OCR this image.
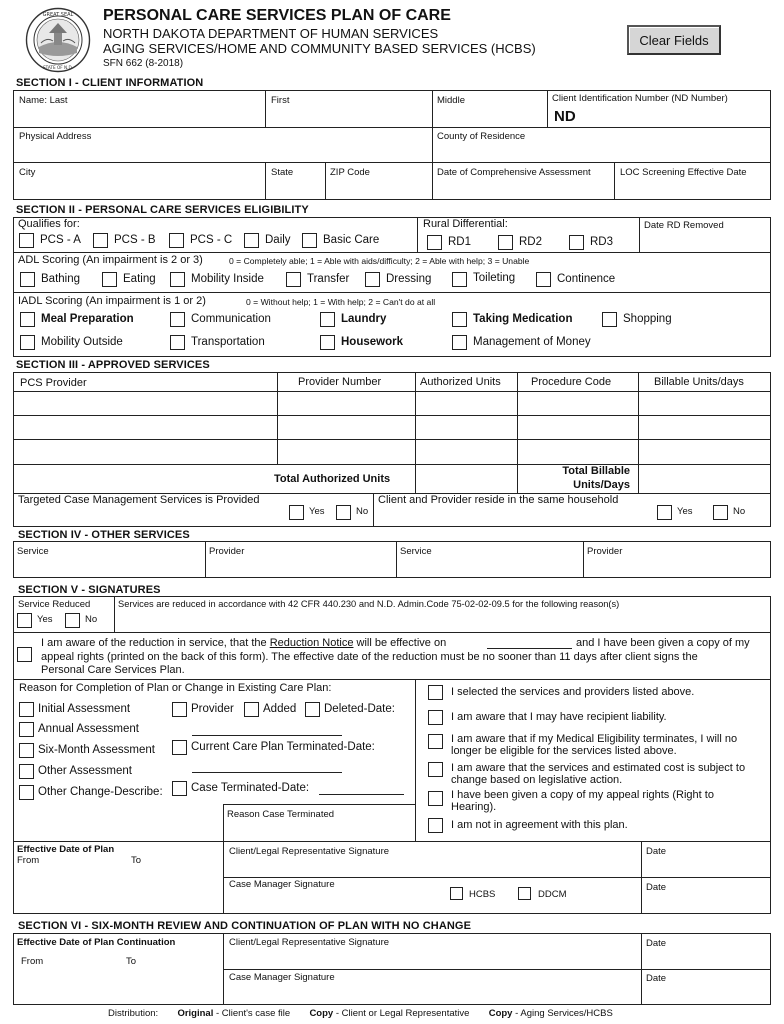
GREAT SEAL
STATE OF N.D.
PERSONAL CARE SERVICES PLAN OF CARE
NORTH DAKOTA DEPARTMENT OF HUMAN SERVICES
AGING SERVICES/HOME AND COMMUNITY BASED SERVICES (HCBS)
SFN 662 (8-2018)
Clear Fields
SECTION I - CLIENT INFORMATION
Name: Last	First	Middle	Client Identification Number (ND Number)
ND
Physical Address	County of Residence
City	State	ZIP Code	Date of Comprehensive Assessment	LOC Screening Effective Date
SECTION II - PERSONAL CARE SERVICES ELIGIBILITY
Qualifies for:
PCS - A	PCS - B	PCS - C	Daily	Basic Care
Rural Differential:
RD1	RD2	RD3
Date RD Removed
ADL Scoring (An impairment is 2 or 3)	0 = Completely able; 1 = Able with aids/difficulty; 2 = Able with help; 3 = Unable
Bathing	Eating	Mobility Inside	Transfer	Dressing	Toileting	Continence
IADL Scoring (An impairment is 1 or 2)	0 = Without help; 1 = With help; 2 = Can't do at all
Meal Preparation	Communication	Laundry	Taking Medication	Shopping
Mobility Outside	Transportation	Housework	Management of Money
SECTION III - APPROVED SERVICES
PCS Provider	Provider Number	Authorized Units	Procedure Code	Billable Units/days
Total Authorized Units
Total Billable
Units/Days
Targeted Case Management Services is Provided
Yes	No
Client and Provider reside in the same household
Yes	No
SECTION IV - OTHER SERVICES
Service	Provider	Service	Provider
SECTION V - SIGNATURES
Service Reduced
Yes	No
Services are reduced in accordance with 42 CFR 440.230 and N.D. Admin.Code 75-02-02-09.5 for the following reason(s)
I am aware of the reduction in service, that the Reduction Notice will be effective on	and I have been given a copy of my
appeal rights (printed on the back of this form). The effective date of the reduction must be no sooner than 11 days after client signs the
Personal Care Services Plan.
Reason for Completion of Plan or Change in Existing Care Plan:
Initial Assessment
Annual Assessment
Six-Month Assessment
Other Assessment
Other Change-Describe:
Provider	Added Deleted-Date:
Current Care Plan Terminated-Date:
Case Terminated-Date:
Reason Case Terminated
I selected the services and providers listed above.
I am aware that I may have recipient liability.
I am aware that if my Medical Eligibility terminates, I will no longer be eligible for the services listed above.
I am aware that the services and estimated cost is subject to change based on legislative action.
I have been given a copy of my appeal rights (Right to Hearing).
I am not in agreement with this plan.
Effective Date of Plan
From	To
Client/Legal Representative Signature	Date
Case Manager Signature
HCBS	DDCM
Date
SECTION VI - SIX-MONTH REVIEW AND CONTINUATION OF PLAN WITH NO CHANGE
Effective Date of Plan Continuation
From	To
Client/Legal Representative Signature	Date
Case Manager Signature	Date
Distribution: Original - Client's case file Copy - Client or Legal Representative Copy - Aging Services/HCBS
